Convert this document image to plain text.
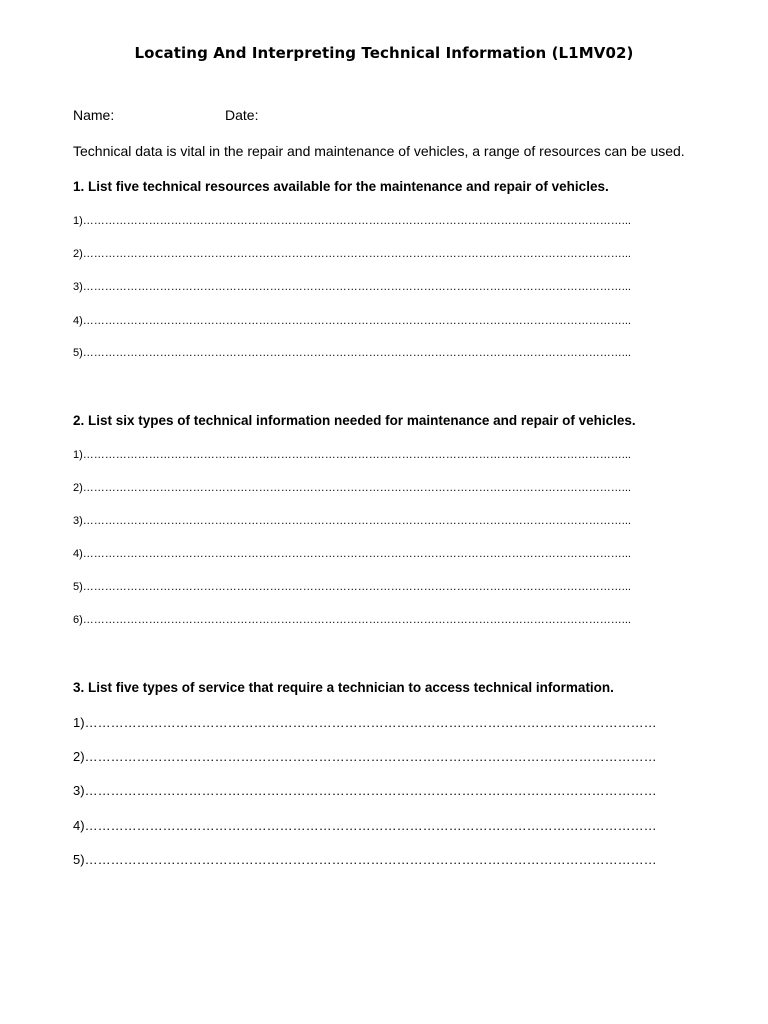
Locating And Interpreting Technical Information (L1MV02)
Name:	Date:
Technical data is vital in the repair and maintenance of vehicles, a range of resources can be used.
1. List five technical resources available for the maintenance and repair of vehicles.
1)…………………………………………………………………………………………………………………………………...
2)…………………………………………………………………………………………………………………………………...
3)…………………………………………………………………………………………………………………………………...
4)…………………………………………………………………………………………………………………………………...
5)…………………………………………………………………………………………………………………………………...
2. List six types of technical information needed for maintenance and repair of vehicles.
1)…………………………………………………………………………………………………………………………………...
2)…………………………………………………………………………………………………………………………………...
3)…………………………………………………………………………………………………………………………………...
4)…………………………………………………………………………………………………………………………………...
5)…………………………………………………………………………………………………………………………………...
6)…………………………………………………………………………………………………………………………………...
3. List five types of service that require a technician to access technical information.
1)……………………………………………………………………………………………………………………
2)……………………………………………………………………………………………………………………
3)……………………………………………………………………………………………………………………
4)……………………………………………………………………………………………………………………
5)……………………………………………………………………………………………………………………
